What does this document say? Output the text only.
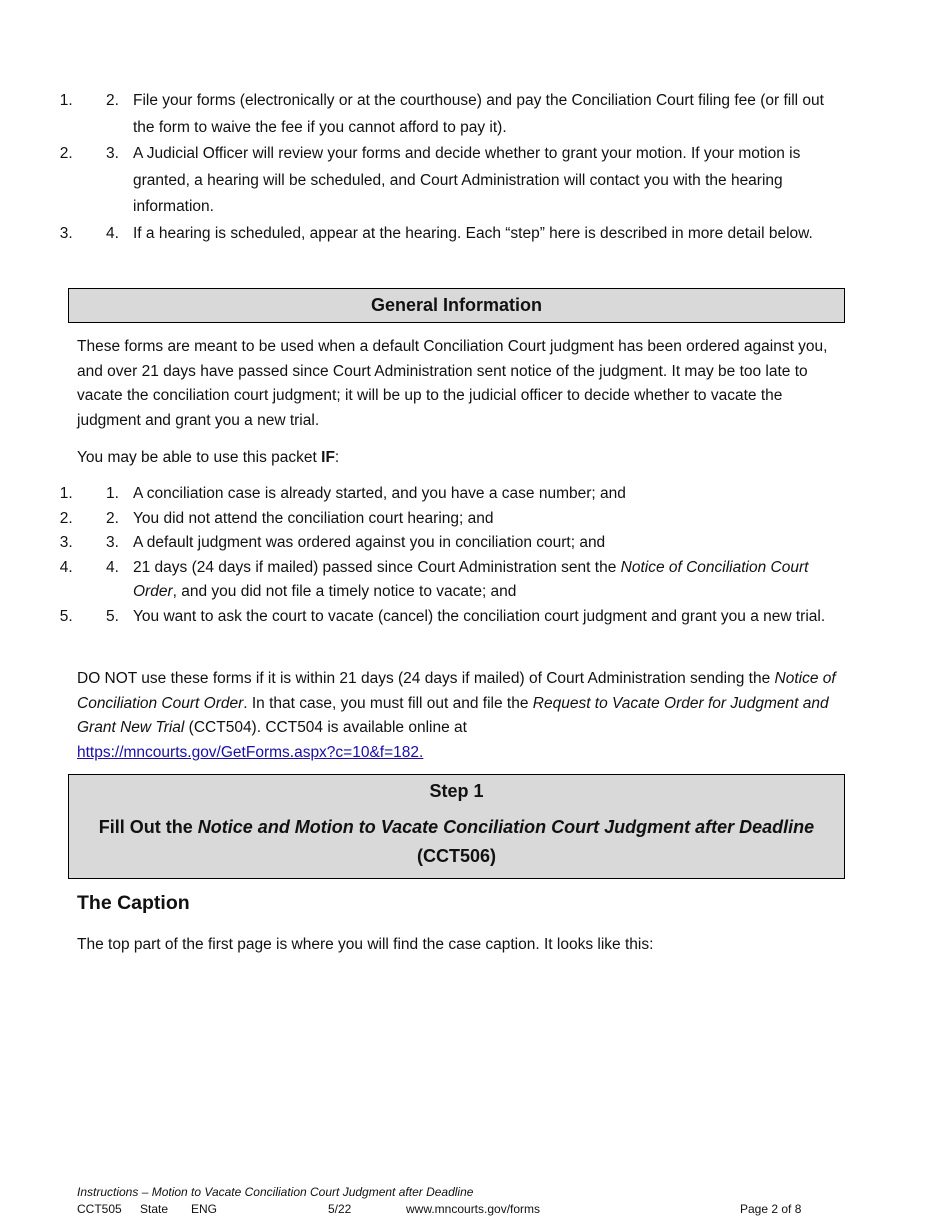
1. 2. File your forms (electronically or at the courthouse) and pay the Conciliation Court filing fee (or fill out the form to waive the fee if you cannot afford to pay it).
2. 3. A Judicial Officer will review your forms and decide whether to grant your motion. If your motion is granted, a hearing will be scheduled, and Court Administration will contact you with the hearing information.
3. 4. If a hearing is scheduled, appear at the hearing. Each “step” here is described in more detail below.
General Information

These forms are meant to be used when a default Conciliation Court judgment has been ordered against you, and over 21 days have passed since Court Administration sent notice of the judgment. It may be too late to vacate the conciliation court judgment; it will be up to the judicial officer to decide whether to vacate the judgment and grant you a new trial.

You may be able to use this packet IF:

1. 1. A conciliation case is already started, and you have a case number; and
2. 2. You did not attend the conciliation court hearing; and
3. 3. A default judgment was ordered against you in conciliation court; and
4. 4. 21 days (24 days if mailed) passed since Court Administration sent the Notice of Conciliation Court Order, and you did not file a timely notice to vacate; and
5. 5. You want to ask the court to vacate (cancel) the conciliation court judgment and grant you a new trial.

DO NOT use these forms if it is within 21 days (24 days if mailed) of Court Administration sending the Notice of Conciliation Court Order. In that case, you must fill out and file the Request to Vacate Order for Judgment and Grant New Trial (CCT504). CCT504 is available online at
https://mncourts.gov/GetForms.aspx?c=10&f=182.

Step 1
Fill Out the Notice and Motion to Vacate Conciliation Court Judgment after Deadline
(CCT506)
The Caption

The top part of the first page is where you will find the case caption. It looks like this:

Instructions – Motion to Vacate Conciliation Court Judgment after Deadline
CCT505 State ENG	5/22	www.mncourts.gov/forms	Page 2 of 8
